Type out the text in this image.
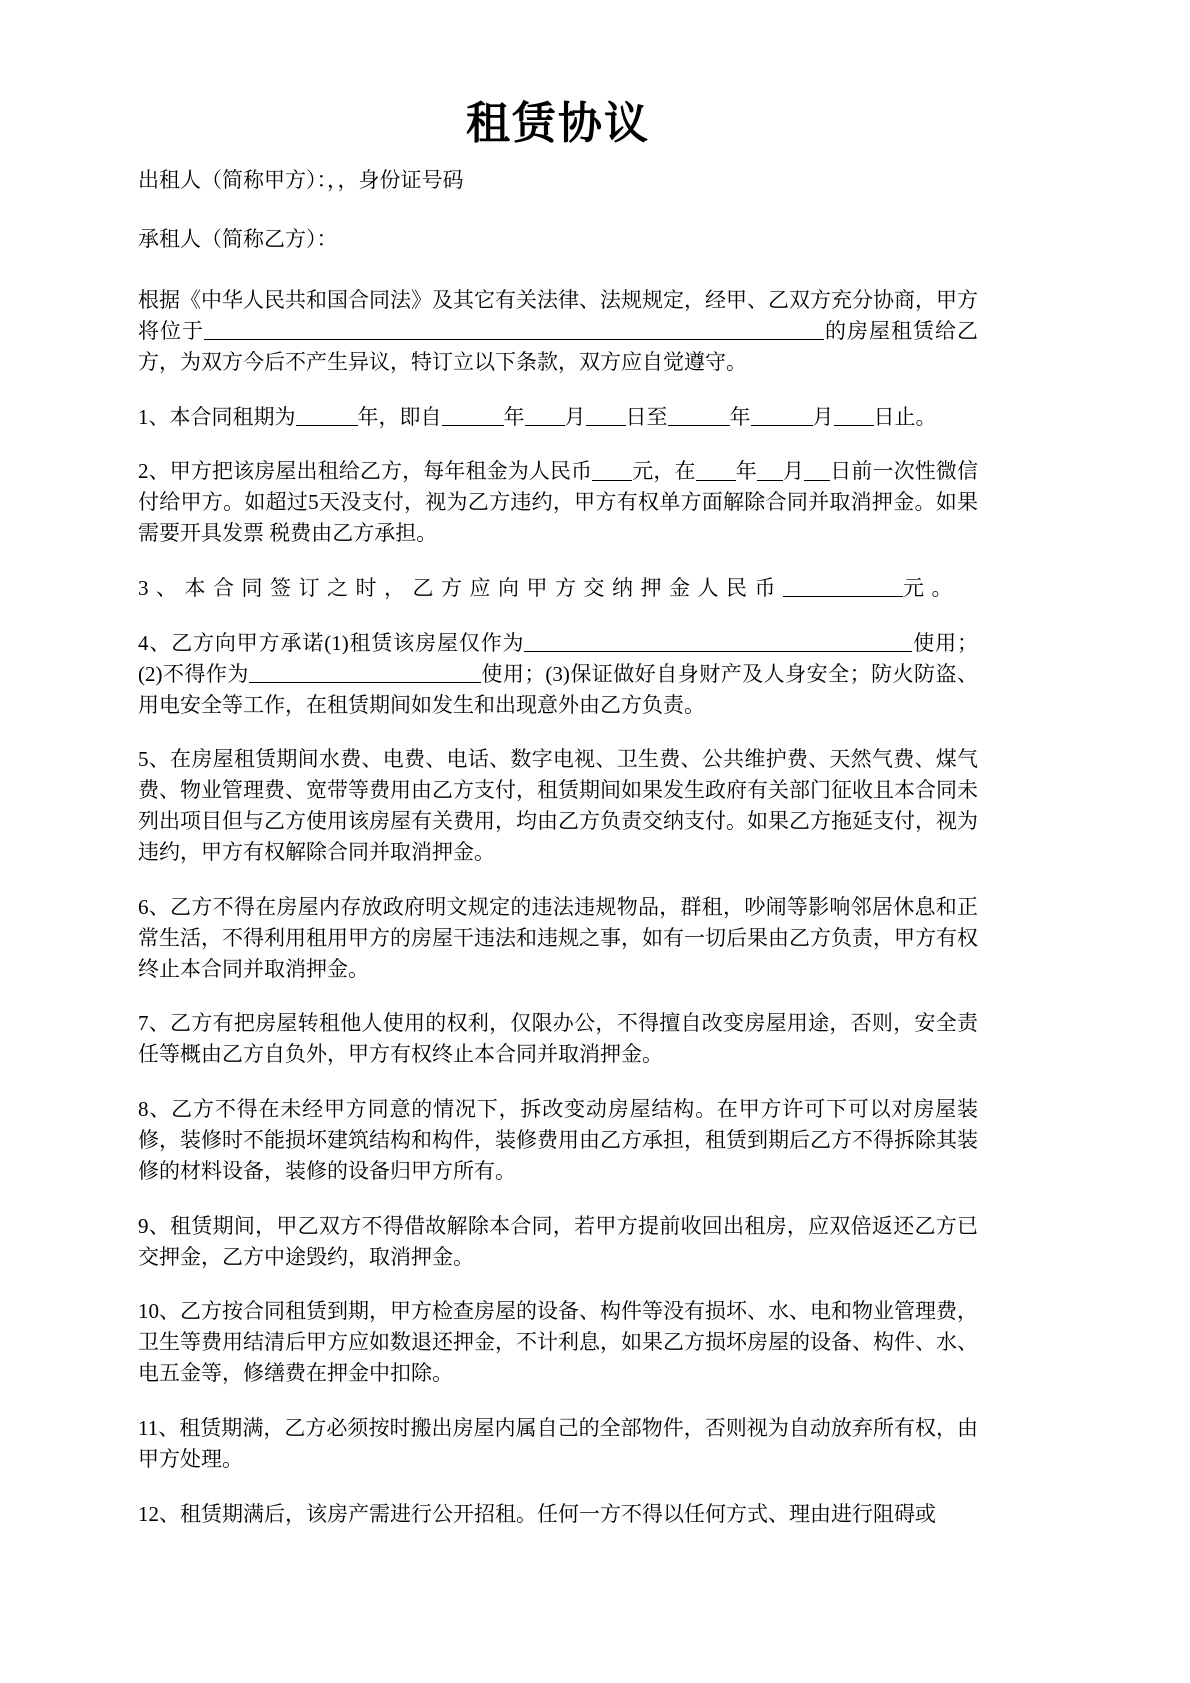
租赁协议

出租人（简称甲方）：，，身份证号码

承租人（简称乙方）：

根据《中华人民共和国合同法》及其它有关法律、法规规定，经甲、乙双方充分协商，甲方将位于	的房屋租赁给乙方，为双方今后不产生异议，特订立以下条款，双方应自觉遵守。

1、本合同租期为	年，即自	年 月 日至	年	月 日止。

2、甲方把该房屋出租给乙方，每年租金为人民币 元，在 年 月 日前一次性微信付给甲方。如超过5天没支付，视为乙方违约，甲方有权单方面解除合同并取消押金。如果需要开具发票 税费由乙方承担。

3、本合同签订之时，乙方应向甲方交纳押金人民币	元。

4、乙方向甲方承诺(1)租赁该房屋仅作为	使用；(2)不得作为	使用；(3)保证做好自身财产及人身安全；防火防盗、用电安全等工作，在租赁期间如发生和出现意外由乙方负责。

5、在房屋租赁期间水费、电费、电话、数字电视、卫生费、公共维护费、天然气费、煤气费、物业管理费、宽带等费用由乙方支付，租赁期间如果发生政府有关部门征收且本合同未列出项目但与乙方使用该房屋有关费用，均由乙方负责交纳支付。如果乙方拖延支付，视为违约，甲方有权解除合同并取消押金。

6、乙方不得在房屋内存放政府明文规定的违法违规物品，群租，吵闹等影响邻居休息和正常生活，不得利用租用甲方的房屋干违法和违规之事，如有一切后果由乙方负责，甲方有权终止本合同并取消押金。

7、乙方有把房屋转租他人使用的权利，仅限办公，不得擅自改变房屋用途，否则，安全责任等概由乙方自负外，甲方有权终止本合同并取消押金。

8、乙方不得在未经甲方同意的情况下，拆改变动房屋结构。在甲方许可下可以对房屋装修，装修时不能损坏建筑结构和构件，装修费用由乙方承担，租赁到期后乙方不得拆除其装修的材料设备，装修的设备归甲方所有。

9、租赁期间，甲乙双方不得借故解除本合同，若甲方提前收回出租房，应双倍返还乙方已交押金，乙方中途毁约，取消押金。

10、乙方按合同租赁到期，甲方检查房屋的设备、构件等没有损坏、水、电和物业管理费，卫生等费用结清后甲方应如数退还押金，不计利息，如果乙方损坏房屋的设备、构件、水、电五金等，修缮费在押金中扣除。

11、租赁期满，乙方必须按时搬出房屋内属自己的全部物件，否则视为自动放弃所有权，由甲方处理。

12、租赁期满后，该房产需进行公开招租。任何一方不得以任何方式、理由进行阻碍或
